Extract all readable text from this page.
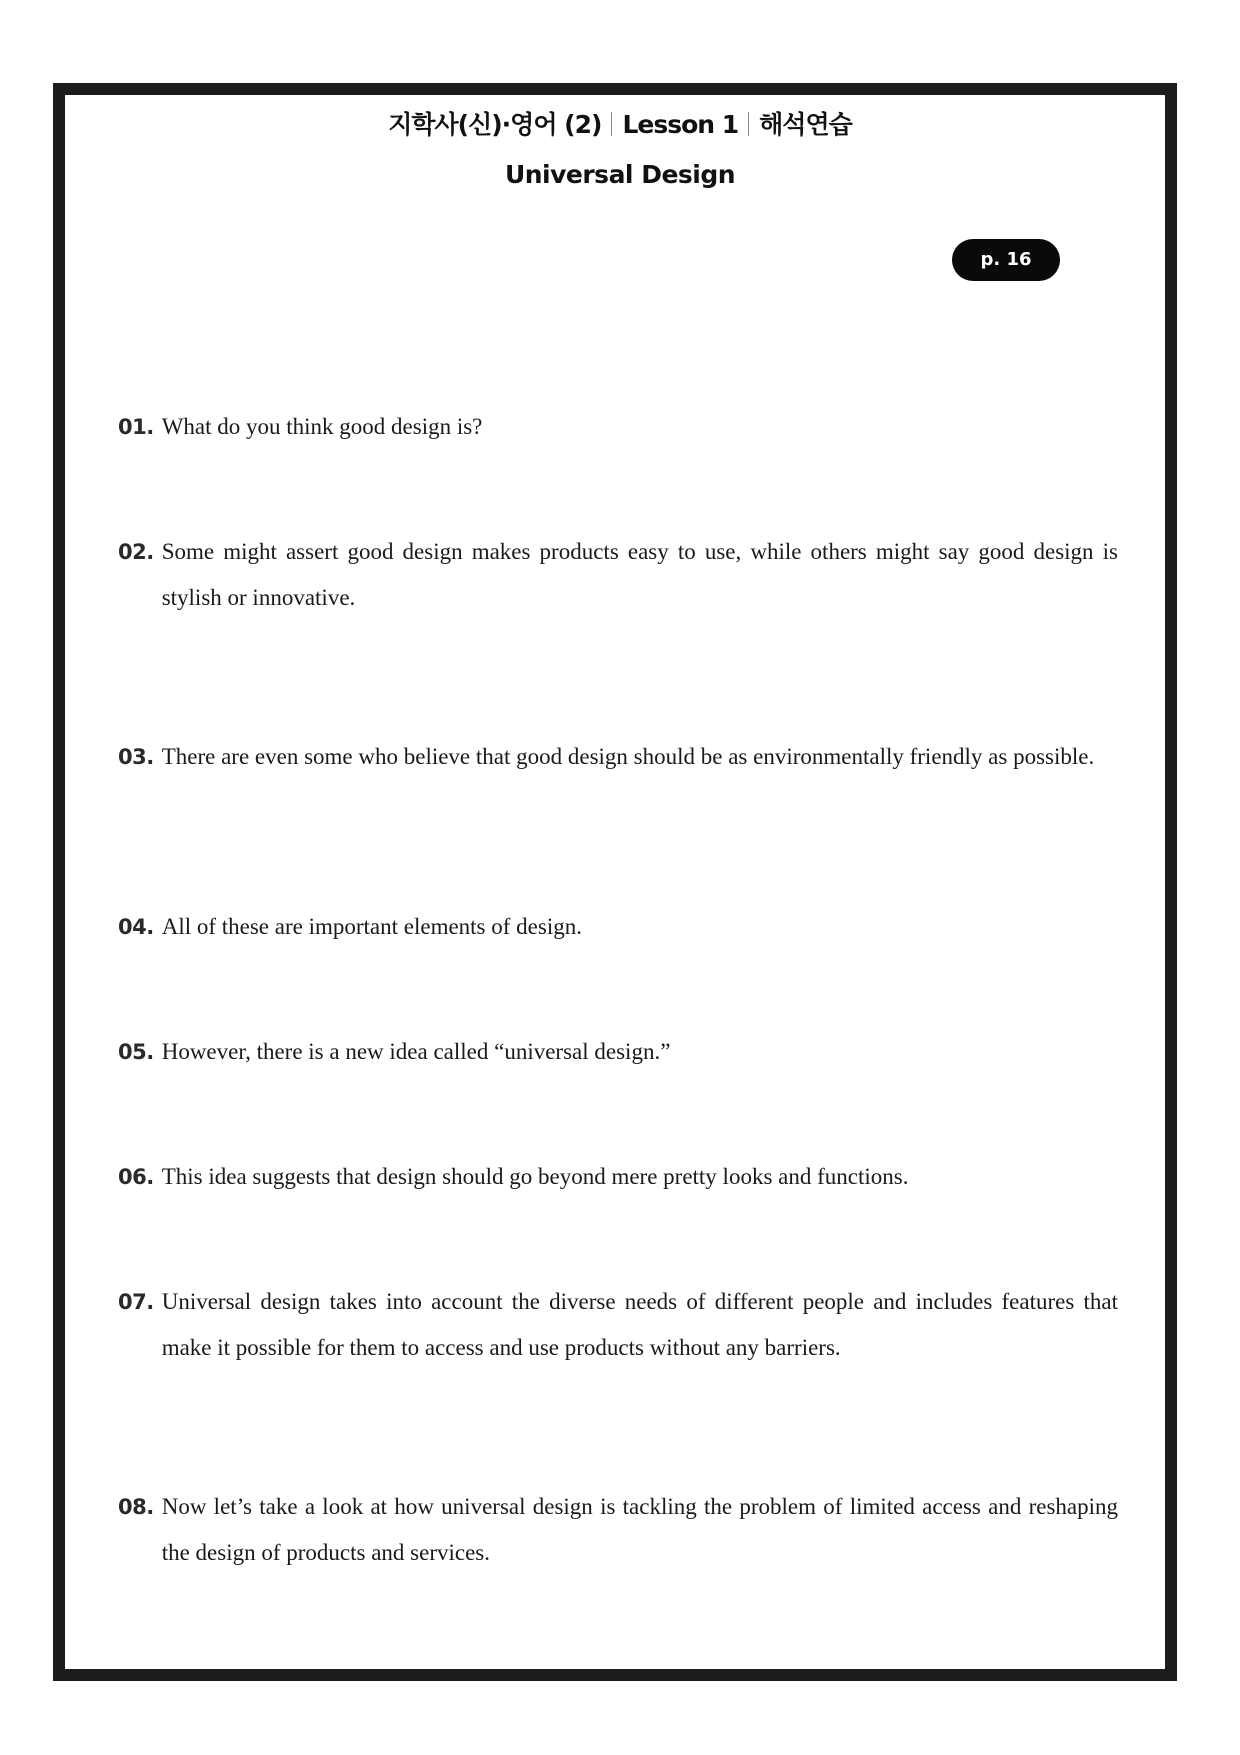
지학사(신)·영어 (2) Lesson 1 해석연습
Universal Design
p. 16
01. What do you think good design is?
02. Some might assert good design makes products easy to use, while others might say good design is stylish or innovative.
03. There are even some who believe that good design should be as environmentally friendly as possible.
04. All of these are important elements of design.
05. However, there is a new idea called “universal design.”
06. This idea suggests that design should go beyond mere pretty looks and functions.
07. Universal design takes into account the diverse needs of different people and includes features that make it possible for them to access and use products without any barriers.
08. Now let’s take a look at how universal design is tackling the problem of limited access and reshaping the design of products and services.
